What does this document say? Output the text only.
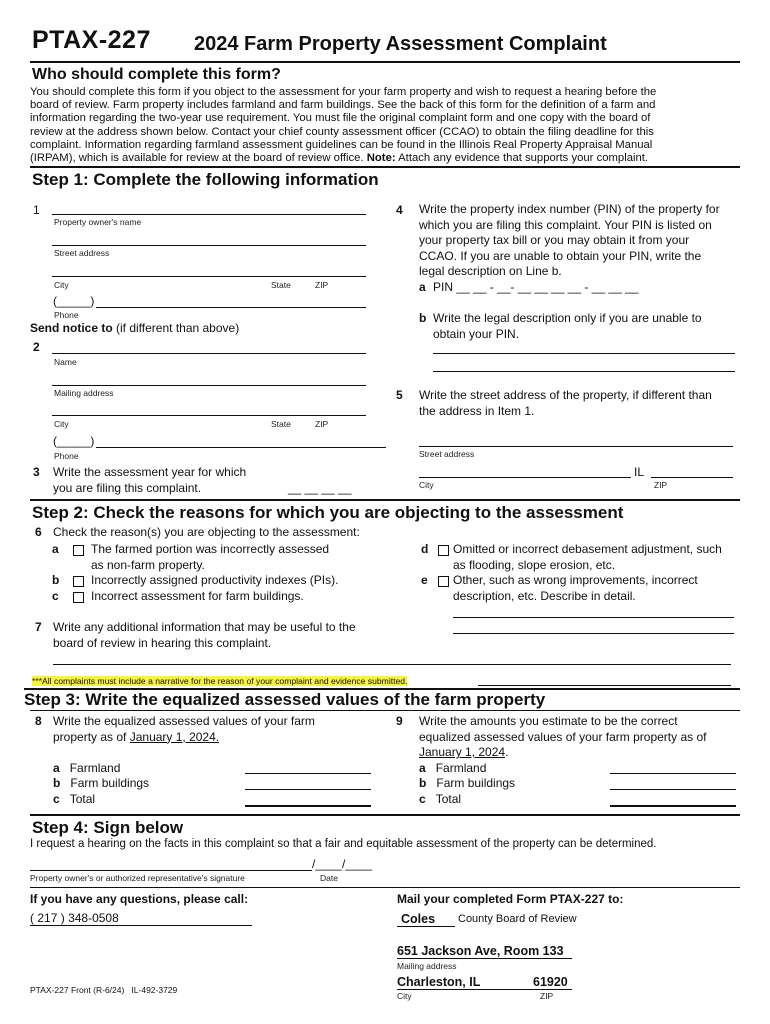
PTAX-227 2024 Farm Property Assessment Complaint
Who should complete this form?
You should complete this form if you object to the assessment for your farm property and wish to request a hearing before the
board of review. Farm property includes farmland and farm buildings. See the back of this form for the definition of a farm and
information regarding the two-year use requirement. You must file the original complaint form and one copy with the board of
review at the address shown below. Contact your chief county assessment officer (CCAO) to obtain the filing deadline for this
complaint. Information regarding farmland assessment guidelines can be found in the Illinois Real Property Appraisal Manual
(IRPAM), which is available for review at the board of review office. Note: Attach any evidence that supports your complaint.
Step 1: Complete the following information
1
Property owner's name
Street address
City	State	ZIP
(_____)
Phone
Send notice to (if different than above)
2
Name
Mailing address
City	State	ZIP
(_____)
Phone
3 Write the assessment year for which
you are filing this complaint.	__ __ __ __
4 Write the property index number (PIN) of the property for
which you are filing this complaint. Your PIN is listed on
your property tax bill or you may obtain it from your
CCAO. If you are unable to obtain your PIN, write the
legal description on Line b.
a PIN __ __ - __- __ __ __ __ - __ __ __
b Write the legal description only if you are unable to
obtain your PIN.
5 Write the street address of the property, if different than
the address in Item 1.
Street address
IL
City	ZIP
Step 2: Check the reasons for which you are objecting to the assessment
6 Check the reason(s) you are objecting to the assessment:
a	The farmed portion was incorrectly assessed
as non-farm property.
b	Incorrectly assigned productivity indexes (PIs).
c	Incorrect assessment for farm buildings.
d Omitted or incorrect debasement adjustment, such
as flooding, slope erosion, etc.
e Other, such as wrong improvements, incorrect
description, etc. Describe in detail.
7 Write any additional information that may be useful to the
board of review in hearing this complaint.
***All complaints must include a narrative for the reason of your complaint and evidence submitted.
Step 3: Write the equalized assessed values of the farm property
8 Write the equalized assessed values of your farm
property as of January 1, 2024.
a Farmland
b Farm buildings
c Total
9 Write the amounts you estimate to be the correct
equalized assessed values of your farm property as of
January 1, 2024.
a Farmland
b Farm buildings
c Total
Step 4: Sign below
I request a hearing on the facts in this complaint so that a fair and equitable assessment of the property can be determined.
/____/____
Property owner's or authorized representative's signature	Date
If you have any questions, please call:
( 217 ) 348-0508
Mail your completed Form PTAX-227 to:
Coles County Board of Review
651 Jackson Ave, Room 133
Mailing address
Charleston, IL	61920
City	ZIP
PTAX-227 Front (R-6/24) IL-492-3729
